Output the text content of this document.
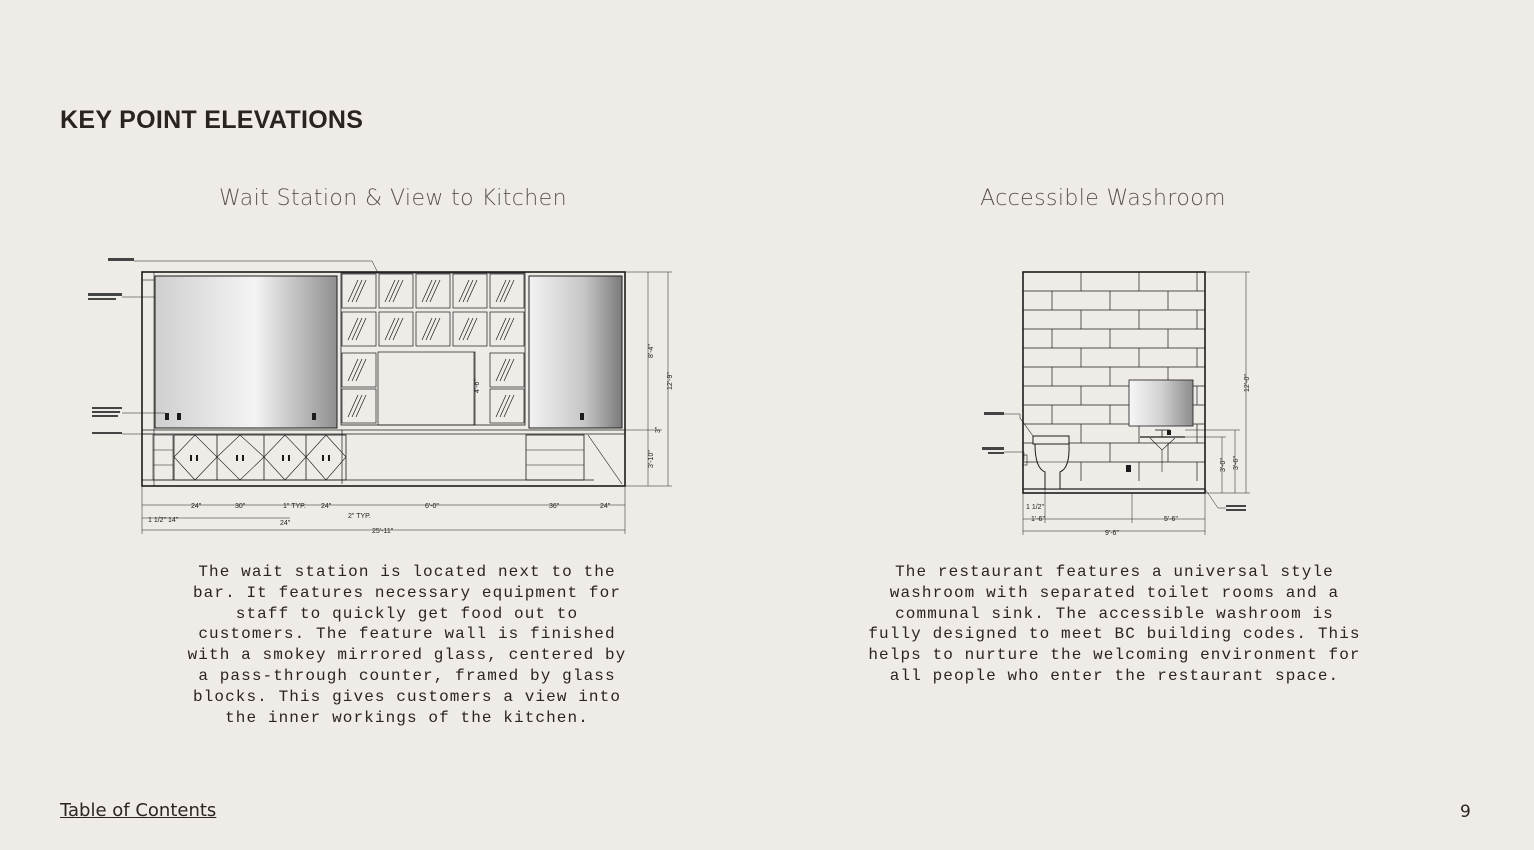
KEY POINT ELEVATIONS
Wait Station & View to Kitchen	Accessible Washroom
24"	30"	1" TYP. 24"
2" TYP.
6'-0"	36"	24"
1 1/2" 14"	24"
25'-11"
8'-4"
12'-9"
4'-6"
3"
3'-10"
12'-0"
3'-6"
3'-0"
1 1/2"
1'-6"	5'-6"
9'-6"
The wait station is located next to the bar. It features necessary equipment for staff to quickly get food out to customers. The feature wall is finished with a smokey mirrored glass, centered by a pass-through counter, framed by glass blocks. This gives customers a view into the inner workings of the kitchen.
The restaurant features a universal style washroom with separated toilet rooms and a communal sink. The accessible washroom is fully designed to meet BC building codes. This helps to nurture the welcoming environment for all people who enter the restaurant space.
Table of Contents	9
